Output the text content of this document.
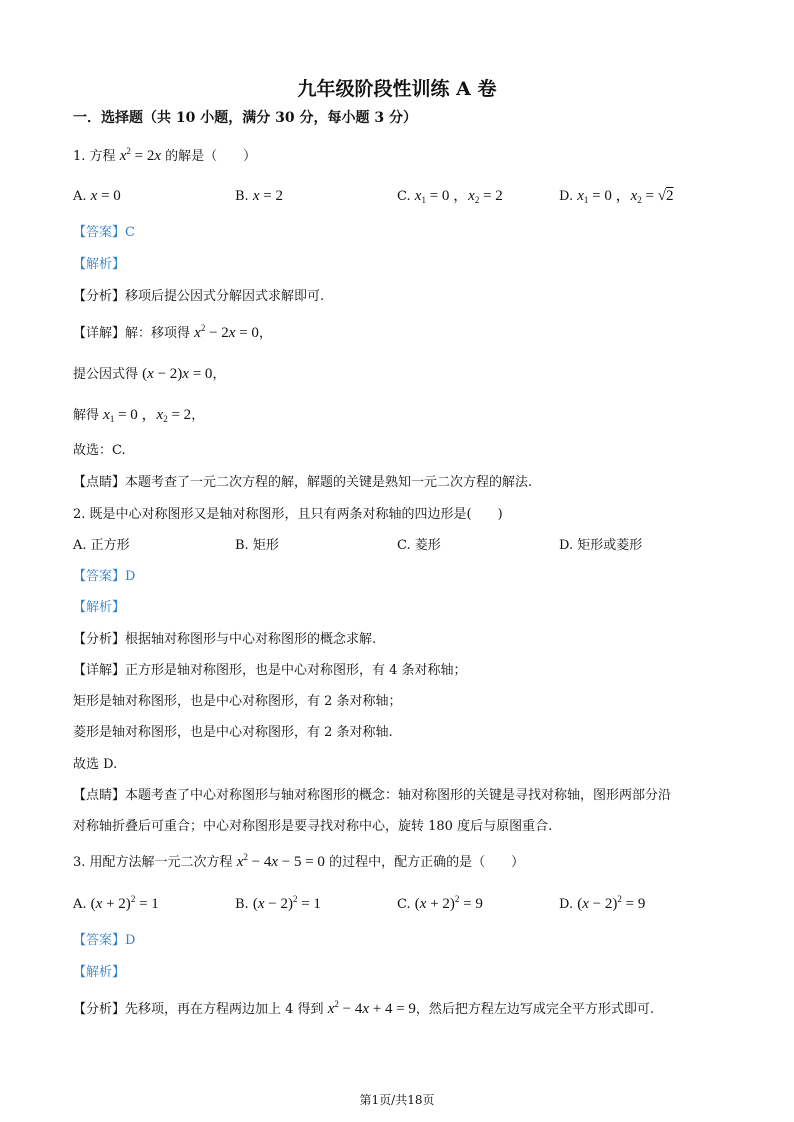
九年级阶段性训练 A 卷
一．选择题（共 10 小题，满分 30 分，每小题 3 分）
1. 方程 $x^2 = 2x$ 的解是（　　）
A. x = 0	B. x = 2	C. $x_1 = 0$ ，$x_2 = 2$	D. $x_1 = 0$ ，$x_2 = √2$
【答案】C
【解析】
【分析】移项后提公因式分解因式求解即可.
【详解】解：移项得 $x^2 - 2x = 0$，
提公因式得 (x − 2)x = 0，
解得 $x_1 = 0$ ，$x_2 = 2$，
故选：C.
【点睛】本题考查了一元二次方程的解，解题的关键是熟知一元二次方程的解法.
2. 既是中心对称图形又是轴对称图形，且只有两条对称轴的四边形是(　　)
A. 正方形	B. 矩形	C. 菱形	D. 矩形或菱形
【答案】D
【解析】
【分析】根据轴对称图形与中心对称图形的概念求解.
【详解】正方形是轴对称图形，也是中心对称图形，有 4 条对称轴；
矩形是轴对称图形，也是中心对称图形，有 2 条对称轴；
菱形是轴对称图形，也是中心对称图形，有 2 条对称轴.
故选 D.
【点睛】本题考查了中心对称图形与轴对称图形的概念：轴对称图形的关键是寻找对称轴，图形两部分沿
对称轴折叠后可重合；中心对称图形是要寻找对称中心，旋转 180 度后与原图重合.
3. 用配方法解一元二次方程 $x^2 - 4x - 5 = 0$ 的过程中，配方正确的是（　　）
A. $(x + 2)^2 = 1$	B. $(x - 2)^2 = 1$	C. $(x + 2)^2 = 9$	D. $(x - 2)^2 = 9$
【答案】D
【解析】
【分析】先移项，再在方程两边加上 4 得到 $x^2 - 4x + 4 = 9$，然后把方程左边写成完全平方形式即可.
第1页/共18页
